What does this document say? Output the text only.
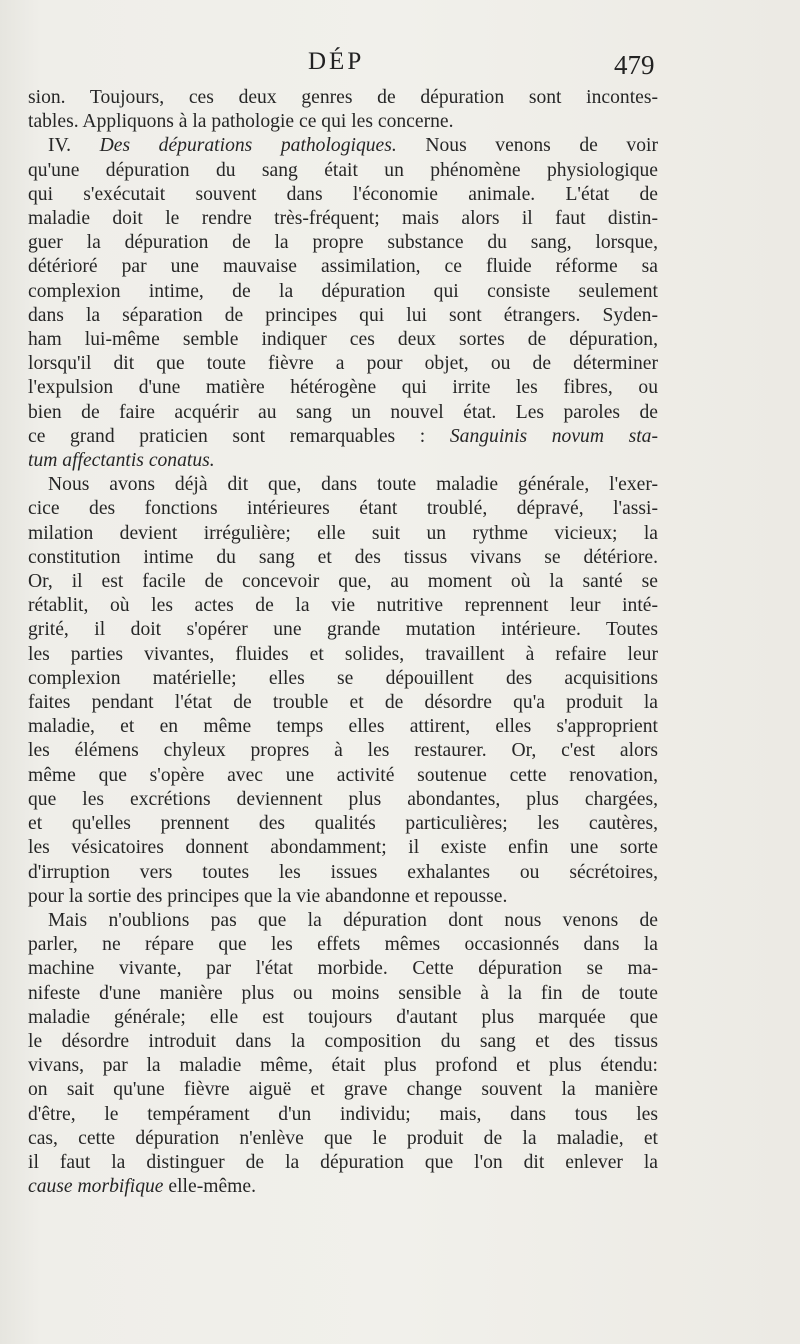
DÉP	479

sion. Toujours, ces deux genres de dépuration sont incontes-
tables. Appliquons à la pathologie ce qui les concerne.

IV. Des dépurations pathologiques. Nous venons de voir
qu'une dépuration du sang était un phénomène physiologique
qui s'exécutait souvent dans l'économie animale. L'état de
maladie doit le rendre très-fréquent; mais alors il faut distin-
guer la dépuration de la propre substance du sang, lorsque,
détérioré par une mauvaise assimilation, ce fluide réforme sa
complexion intime, de la dépuration qui consiste seulement
dans la séparation de principes qui lui sont étrangers. Syden-
ham lui-même semble indiquer ces deux sortes de dépuration,
lorsqu'il dit que toute fièvre a pour objet, ou de déterminer
l'expulsion d'une matière hétérogène qui irrite les fibres, ou
bien de faire acquérir au sang un nouvel état. Les paroles de
ce grand praticien sont remarquables : Sanguinis novum sta-
tum affectantis conatus.

Nous avons déjà dit que, dans toute maladie générale, l'exer-
cice des fonctions intérieures étant troublé, dépravé, l'assi-
milation devient irrégulière; elle suit un rythme vicieux; la
constitution intime du sang et des tissus vivans se détériore.
Or, il est facile de concevoir que, au moment où la santé se
rétablit, où les actes de la vie nutritive reprennent leur inté-
grité, il doit s'opérer une grande mutation intérieure. Toutes
les parties vivantes, fluides et solides, travaillent à refaire leur
complexion matérielle; elles se dépouillent des acquisitions
faites pendant l'état de trouble et de désordre qu'a produit la
maladie, et en même temps elles attirent, elles s'approprient
les élémens chyleux propres à les restaurer. Or, c'est alors
même que s'opère avec une activité soutenue cette renovation,
que les excrétions deviennent plus abondantes, plus chargées,
et qu'elles prennent des qualités particulières; les cautères,
les vésicatoires donnent abondamment; il existe enfin une sorte
d'irruption vers toutes les issues exhalantes ou sécrétoires,
pour la sortie des principes que la vie abandonne et repousse.

Mais n'oublions pas que la dépuration dont nous venons de
parler, ne répare que les effets mêmes occasionnés dans la
machine vivante, par l'état morbide. Cette dépuration se ma-
nifeste d'une manière plus ou moins sensible à la fin de toute
maladie générale; elle est toujours d'autant plus marquée que
le désordre introduit dans la composition du sang et des tissus
vivans, par la maladie même, était plus profond et plus étendu:
on sait qu'une fièvre aiguë et grave change souvent la manière
d'être, le tempérament d'un individu; mais, dans tous les
cas, cette dépuration n'enlève que le produit de la maladie, et
il faut la distinguer de la dépuration que l'on dit enlever la
cause morbifique elle-même.
